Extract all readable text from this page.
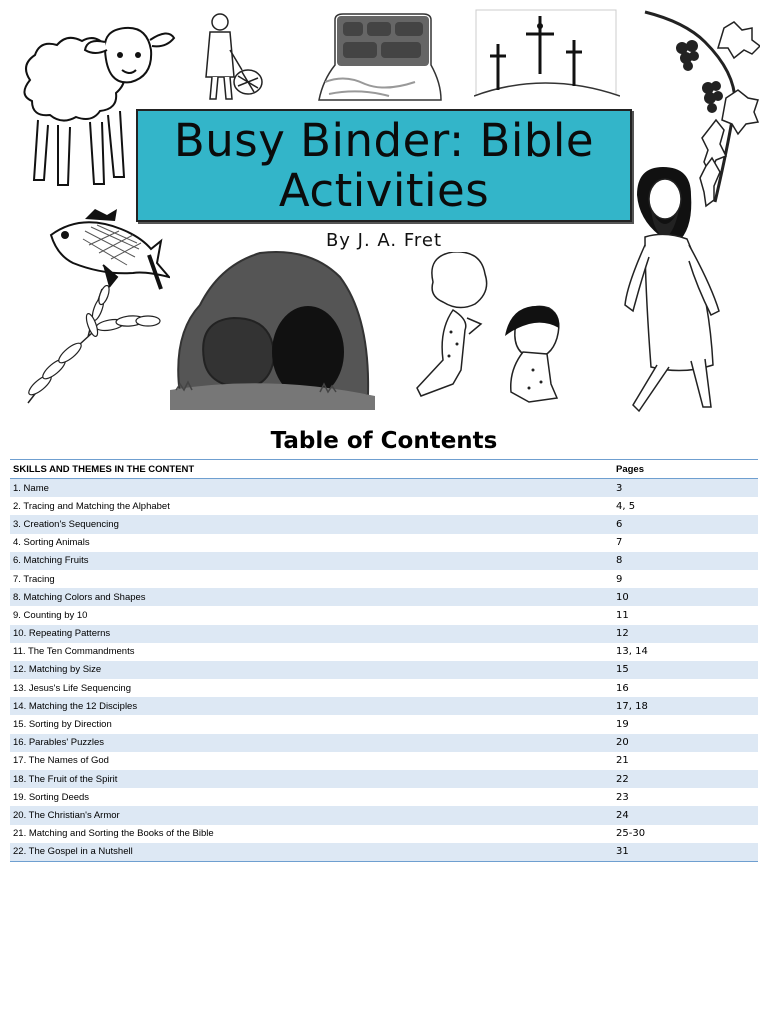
Busy Binder: Bible
Activities
By J. A. Fret
Table of Contents
SKILLS AND THEMES IN THE CONTENT	Pages
1. Name	3
2. Tracing and Matching the Alphabet	4, 5
3. Creation's Sequencing	6
4. Sorting Animals	7
6. Matching Fruits	8
7. Tracing	9
8. Matching Colors and Shapes	10
9. Counting by 10	11
10. Repeating Patterns	12
11. The Ten Commandments	13, 14
12. Matching by Size	15
13. Jesus's Life Sequencing	16
14. Matching the 12 Disciples	17, 18
15. Sorting by Direction	19
16. Parables' Puzzles	20
17. The Names of God	21
18. The Fruit of the Spirit	22
19. Sorting Deeds	23
20. The Christian's Armor	24
21. Matching and Sorting the Books of the Bible	25-30
22. The Gospel in a Nutshell	31
